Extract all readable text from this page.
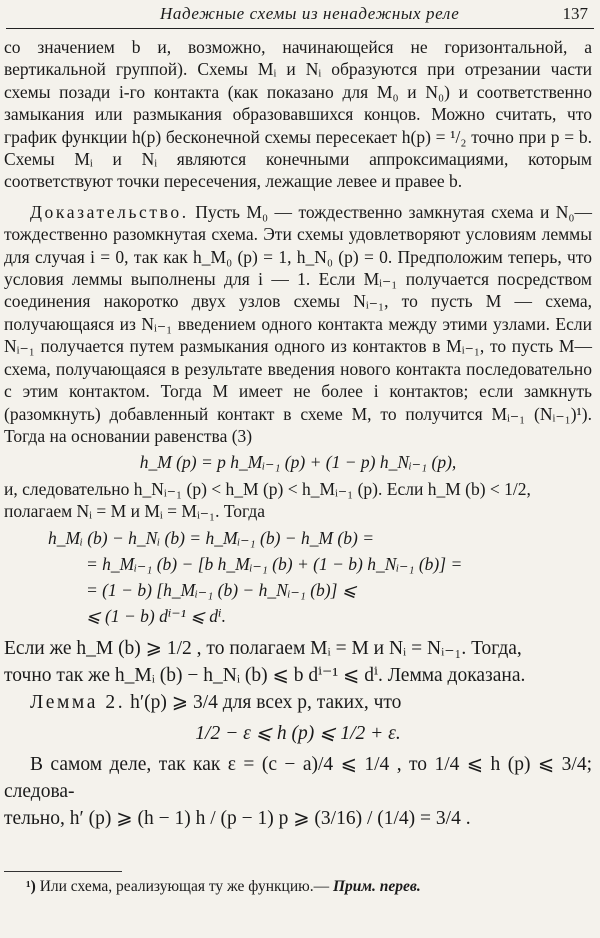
Надежные схемы из ненадежных реле	137

со значением b и, возможно, начинающейся не горизонтальной, а вертикальной группой). Схемы Mᵢ и Nᵢ образуются при отрезании части схемы позади i-го контакта (как показано для M₀ и N₀) и соответственно замыкания или размыкания образовавшихся концов. Можно считать, что график функции h(p) бесконечной схемы пересекает h(p) = ¹/₂ точно при p = b. Схемы Mᵢ и Nᵢ являются конечными аппроксимациями, которым соответствуют точки пересечения, лежащие левее и правее b.

Доказательство. Пусть M₀ — тождественно замкнутая схема и N₀— тождественно разомкнутая схема. Эти схемы удовлетворяют условиям леммы для случая i = 0, так как h_M₀ (p) = 1, h_N₀ (p) = 0. Предположим теперь, что условия леммы выполнены для i — 1. Если Mᵢ₋₁ получается посредством соединения накоротко двух узлов схемы Nᵢ₋₁, то пусть M — схема, получающаяся из Nᵢ₋₁ введением одного контакта между этими узлами. Если Nᵢ₋₁ получается путем размыкания одного из контактов в Mᵢ₋₁, то пусть M—схема, получающаяся в результате введения нового контакта последовательно с этим контактом. Тогда M имеет не более i контактов; если замкнуть (разомкнуть) добавленный контакт в схеме M, то получится Mᵢ₋₁ (Nᵢ₋₁)¹). Тогда на основании равенства (3)

h_M (p) = p h_Mᵢ₋₁ (p) + (1 − p) h_Nᵢ₋₁ (p),

и, следовательно h_Nᵢ₋₁ (p) < h_M (p) < h_Mᵢ₋₁ (p). Если h_M (b) < 1/2,

полагаем Nᵢ = M и Mᵢ = Mᵢ₋₁. Тогда

h_Mᵢ (b) − h_Nᵢ (b) = h_Mᵢ₋₁ (b) − h_M (b) =
= h_Mᵢ₋₁ (b) − [b h_Mᵢ₋₁ (b) + (1 − b) h_Nᵢ₋₁ (b)] =
= (1 − b) [h_Mᵢ₋₁ (b) − h_Nᵢ₋₁ (b)] ⩽
⩽ (1 − b) dⁱ⁻¹ ⩽ dⁱ.

Если же h_M (b) ⩾ 1/2 , то полагаем Mᵢ = M и Nᵢ = Nᵢ₋₁. Тогда,

точно так же h_Mᵢ (b) − h_Nᵢ (b) ⩽ b dⁱ⁻¹ ⩽ dⁱ. Лемма доказана.

Лемма 2. h′(p) ⩾ 3/4 для всех p, таких, что

1/2 − ε ⩽ h (p) ⩽ 1/2 + ε.

В самом деле, так как ε = (c − a)/4 ⩽ 1/4 , то 1/4 ⩽ h (p) ⩽ 3/4; следова-

тельно, h′ (p) ⩾ (h − 1) h / (p − 1) p ⩾ (3/16) / (1/4) = 3/4 .

¹) Или схема, реализующая ту же функцию.— Прим. перев.
